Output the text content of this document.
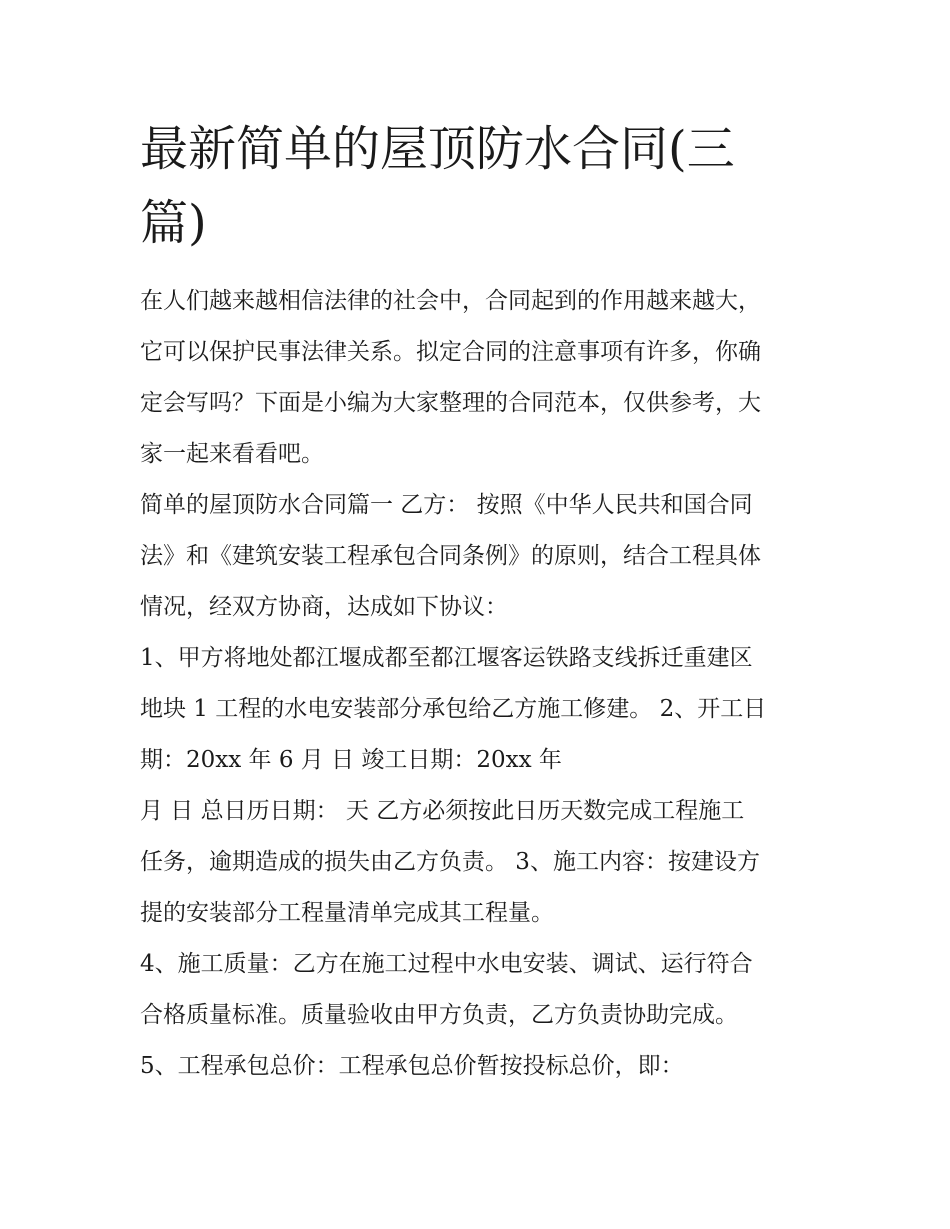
最新简单的屋顶防水合同(三
篇)

在人们越来越相信法律的社会中，合同起到的作用越来越大，

它可以保护民事法律关系。拟定合同的注意事项有许多，你确

定会写吗？下面是小编为大家整理的合同范本，仅供参考，大

家一起来看看吧。

简单的屋顶防水合同篇一 乙方： 按照《中华人民共和国合同

法》和《建筑安装工程承包合同条例》的原则，结合工程具体

情况，经双方协商，达成如下协议：

1、甲方将地处都江堰成都至都江堰客运铁路支线拆迁重建区

地块 1 工程的水电安装部分承包给乙方施工修建。 2、开工日

期：20xx 年 6 月 日 竣工日期：20xx 年

月 日 总日历日期： 天 乙方必须按此日历天数完成工程施工

任务，逾期造成的损失由乙方负责。 3、施工内容：按建设方

提的安装部分工程量清单完成其工程量。

4、施工质量：乙方在施工过程中水电安装、调试、运行符合

合格质量标准。质量验收由甲方负责，乙方负责协助完成。

5、工程承包总价：工程承包总价暂按投标总价，即：
